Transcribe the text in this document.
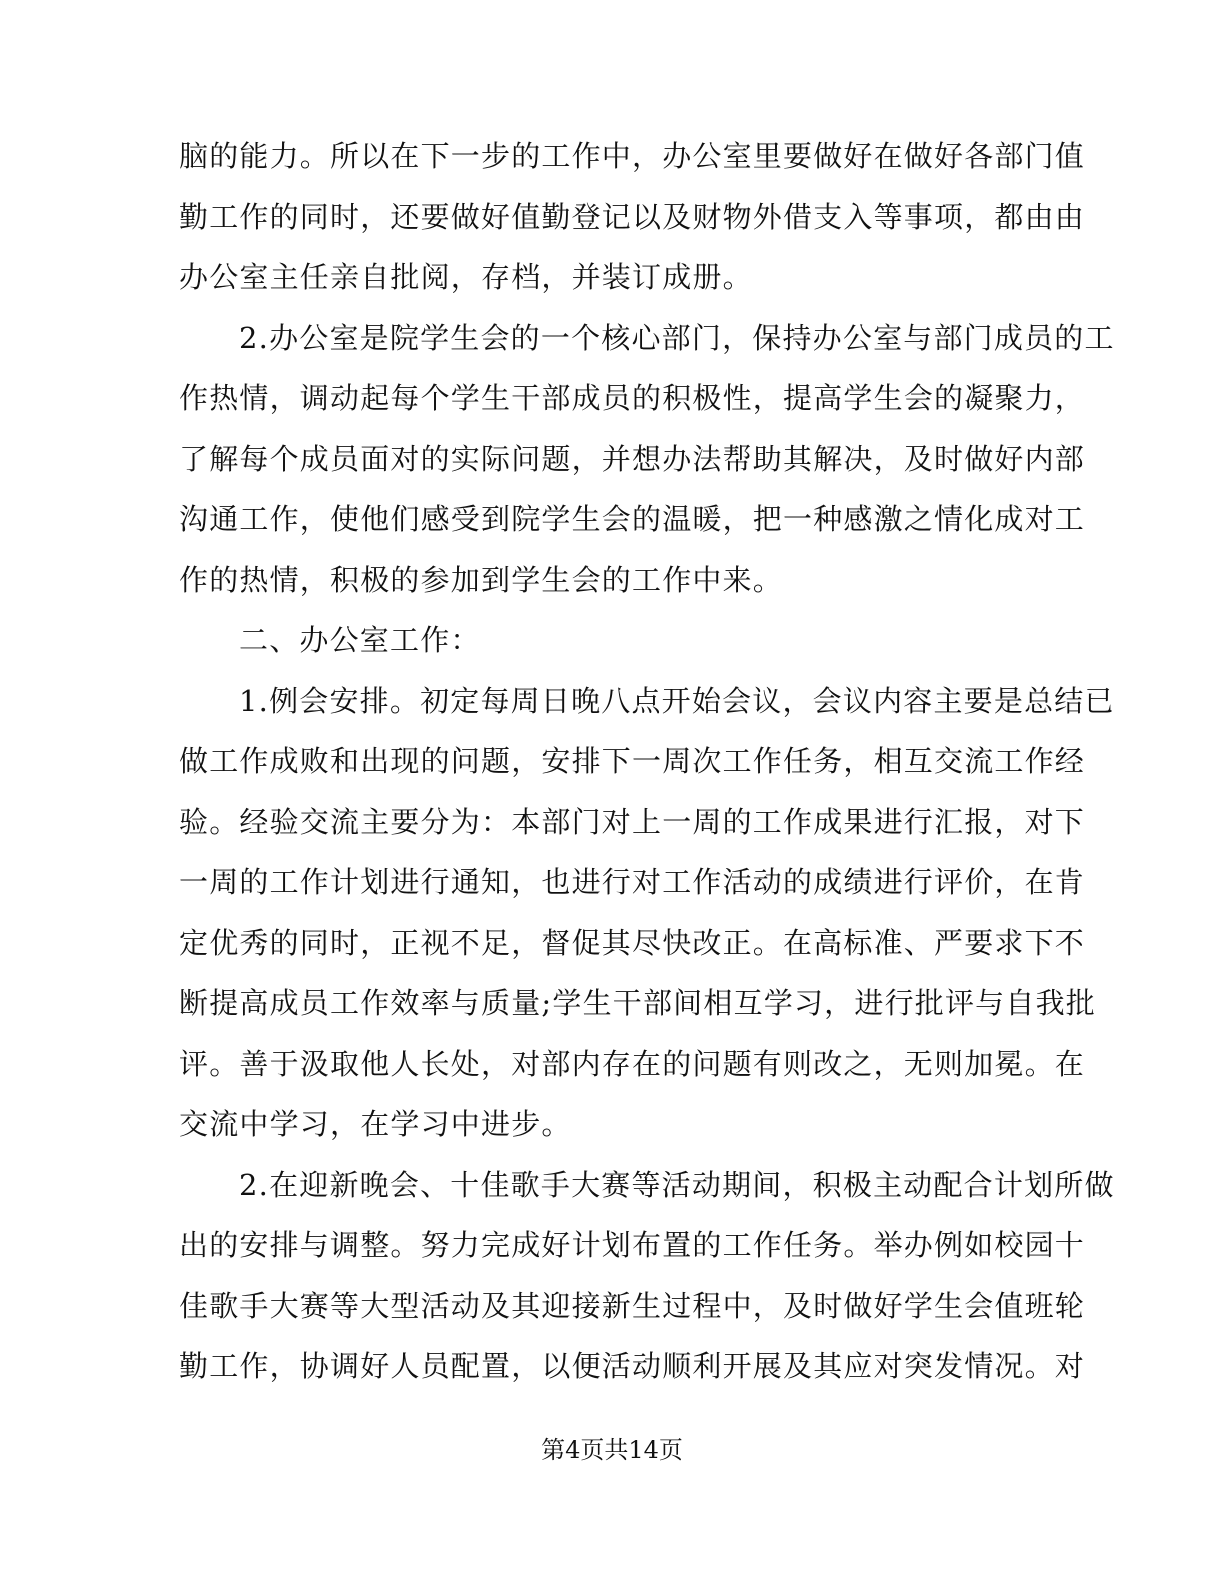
脑的能力。所以在下一步的工作中，办公室里要做好在做好各部门值
勤工作的同时，还要做好值勤登记以及财物外借支入等事项，都由由
办公室主任亲自批阅，存档，并装订成册。
2.办公室是院学生会的一个核心部门，保持办公室与部门成员的工
作热情，调动起每个学生干部成员的积极性，提高学生会的凝聚力，
了解每个成员面对的实际问题，并想办法帮助其解决，及时做好内部
沟通工作，使他们感受到院学生会的温暖，把一种感激之情化成对工
作的热情，积极的参加到学生会的工作中来。
二、办公室工作：
1.例会安排。初定每周日晚八点开始会议，会议内容主要是总结已
做工作成败和出现的问题，安排下一周次工作任务，相互交流工作经
验。经验交流主要分为：本部门对上一周的工作成果进行汇报，对下
一周的工作计划进行通知，也进行对工作活动的成绩进行评价，在肯
定优秀的同时，正视不足，督促其尽快改正。在高标准、严要求下不
断提高成员工作效率与质量;学生干部间相互学习，进行批评与自我批
评。善于汲取他人长处，对部内存在的问题有则改之，无则加冕。在
交流中学习，在学习中进步。
2.在迎新晚会、十佳歌手大赛等活动期间，积极主动配合计划所做
出的安排与调整。努力完成好计划布置的工作任务。举办例如校园十
佳歌手大赛等大型活动及其迎接新生过程中，及时做好学生会值班轮
勤工作，协调好人员配置，以便活动顺利开展及其应对突发情况。对
第4页共14页
